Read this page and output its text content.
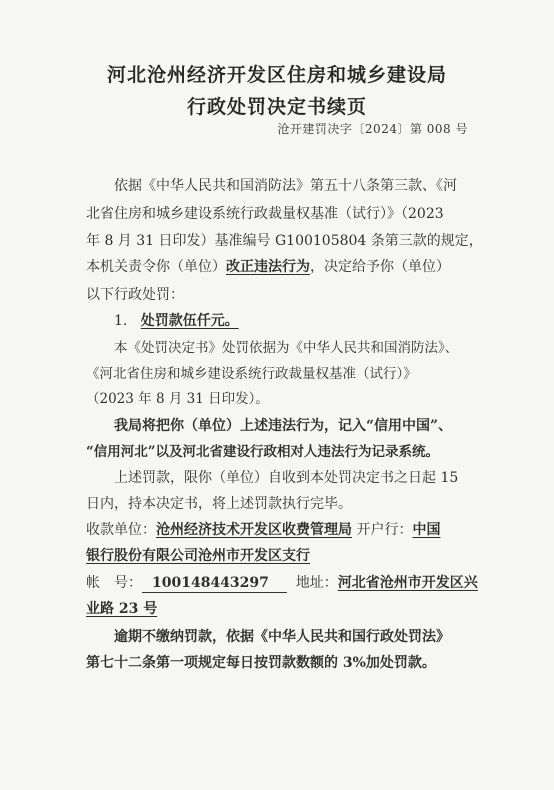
河北沧州经济开发区住房和城乡建设局
行政处罚决定书续页
沧开建罚决字〔2024〕第 008 号
依据《中华人民共和国消防法》第五十八条第三款、《河
北省住房和城乡建设系统行政裁量权基准（试行）》（2023
年 8 月 31 日印发）基准编号 G100105804 条第三款的规定，
本机关责令你（单位）改正违法行为，决定给予你（单位）
以下行政处罚：
1. 处罚款伍仟元。
本《处罚决定书》处罚依据为《中华人民共和国消防法》、
《河北省住房和城乡建设系统行政裁量权基准（试行）》
（2023 年 8 月 31 日印发）。
我局将把你（单位）上述违法行为，记入“信用中国”、
“信用河北”以及河北省建设行政相对人违法行为记录系统。
上述罚款，限你（单位）自收到本处罚决定书之日起 15
日内，持本决定书，将上述罚款执行完毕。
收款单位：沧州经济技术开发区收费管理局 开户行：中国
银行股份有限公司沧州市开发区支行
帐　号： 100148443297 地址：河北省沧州市开发区兴
业路 23 号
逾期不缴纳罚款，依据《中华人民共和国行政处罚法》
第七十二条第一项规定每日按罚款数额的 3%加处罚款。
